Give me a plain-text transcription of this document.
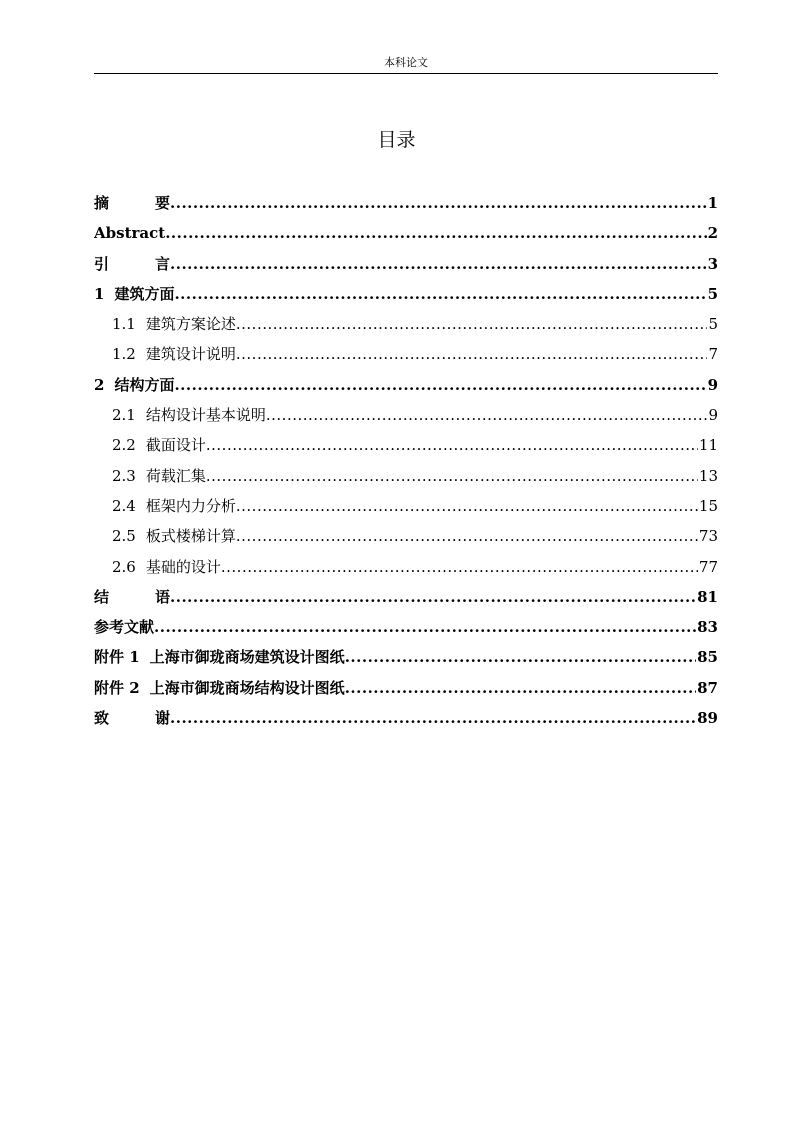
本科论文
目录
摘	要 .....	1
Abstract .....	2
引	言 .....	3
1 建筑方面 .....	5
1.1 建筑方案论述 .....	5
1.2 建筑设计说明 .....	7
2 结构方面 .....	9
2.1 结构设计基本说明 .....	9
2.2 截面设计 .....	11
2.3 荷载汇集 .....	13
2.4 框架内力分析 .....	15
2.5 板式楼梯计算 .....	73
2.6 基础的设计 .....	77
结	语 .....	81
参考文献 .....	83
附件 1 上海市御珑商场建筑设计图纸 .....	85
附件 2 上海市御珑商场结构设计图纸 .....	87
致	谢 .....	89
